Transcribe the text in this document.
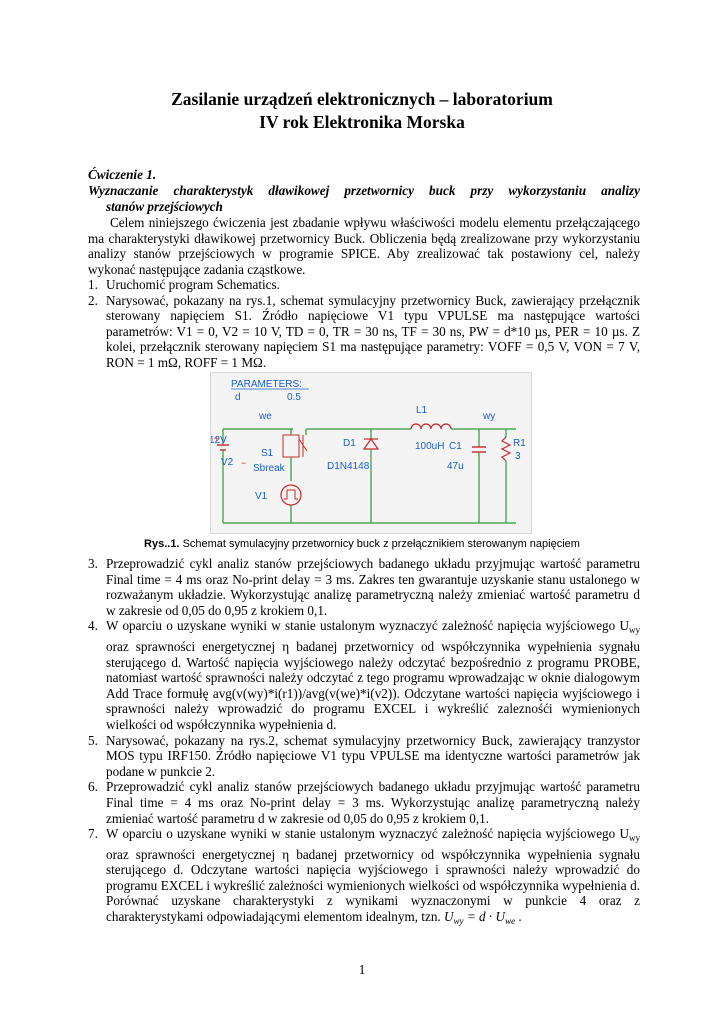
Zasilanie urządzeń elektronicznych – laboratorium
IV rok Elektronika Morska
Ćwiczenie 1.
Wyznaczanie charakterystyk dławikowej przetwornicy buck przy wykorzystaniu analizy
stanów przejściowych
Celem niniejszego ćwiczenia jest zbadanie wpływu właściwości modelu elementu przełączającego ma charakterystyki dławikowej przetwornicy Buck. Obliczenia będą zrealizowane przy wykorzystaniu analizy stanów przejściowych w programie SPICE. Aby zrealizować tak postawiony cel, należy wykonać następujące zadania cząstkowe.
1. Uruchomić program Schematics.
2. Narysować, pokazany na rys.1, schemat symulacyjny przetwornicy Buck, zawierający przełącznik sterowany napięciem S1. Źródło napięciowe V1 typu VPULSE ma następujące wartości parametrów: V1 = 0, V2 = 10 V, TD = 0, TR = 30 ns, TF = 30 ns, PW = d*10 µs, PER = 10 µs. Z kolei, przełącznik sterowany napięciem S1 ma następujące parametry: VOFF = 0,5 V, VON = 7 V, RON = 1 mΩ, ROFF = 1 MΩ.
PARAMETERS:
d	0.5
we	wy
+
12V
V2 −
S1
Sbreak
V1
D1
D1N4148
L1
100uH C1
47u
R1
3
Rys..1. Schemat symulacyjny przetwornicy buck z przełącznikiem sterowanym napięciem
3. Przeprowadzić cykl analiz stanów przejściowych badanego układu przyjmując wartość parametru Final time = 4 ms oraz No-print delay = 3 ms. Zakres ten gwarantuje uzyskanie stanu ustalonego w rozważanym układzie. Wykorzystując analizę parametryczną należy zmieniać wartość parametru d w zakresie od 0,05 do 0,95 z krokiem 0,1.
4. W oparciu o uzyskane wyniki w stanie ustalonym wyznaczyć zależność napięcia wyjściowego $U_{wy}$ oraz sprawności energetycznej η badanej przetwornicy od współczynnika wypełnienia sygnału sterującego d. Wartość napięcia wyjściowego należy odczytać bezpośrednio z programu PROBE, natomiast wartość sprawności należy odczytać z tego programu wprowadzając w oknie dialogowym Add Trace formułę avg(v(wy)*i(r1))/avg(v(we)*i(v2)). Odczytane wartości napięcia wyjściowego i sprawności należy wprowadzić do programu EXCEL i wykreślić zaleznośći wymienionych wielkości od współczynnika wypełnienia d.
5. Narysować, pokazany na rys.2, schemat symulacyjny przetwornicy Buck, zawierający tranzystor MOS typu IRF150. Źródło napięciowe V1 typu VPULSE ma identyczne wartości parametrów jak podane w punkcie 2.
6. Przeprowadzić cykl analiz stanów przejściowych badanego układu przyjmując wartość parametru Final time = 4 ms oraz No-print delay = 3 ms. Wykorzystując analizę parametryczną należy zmieniać wartość parametru d w zakresie od 0,05 do 0,95 z krokiem 0,1.
7. W oparciu o uzyskane wyniki w stanie ustalonym wyznaczyć zależność napięcia wyjściowego $U_{wy}$ oraz sprawności energetycznej η badanej przetwornicy od współczynnika wypełnienia sygnału sterującego d. Odczytane wartości napięcia wyjściowego i sprawności należy wprowadzić do programu EXCEL i wykreślić zależności wymienionych wielkości od współczynnika wypełnienia d. Porównać uzyskane charakterystyki z wynikami wyznaczonymi w punkcie 4 oraz z charakterystykami odpowiadającymi elementom idealnym, tzn. $U_{wy} = d \cdot U_{we}$ .
1
